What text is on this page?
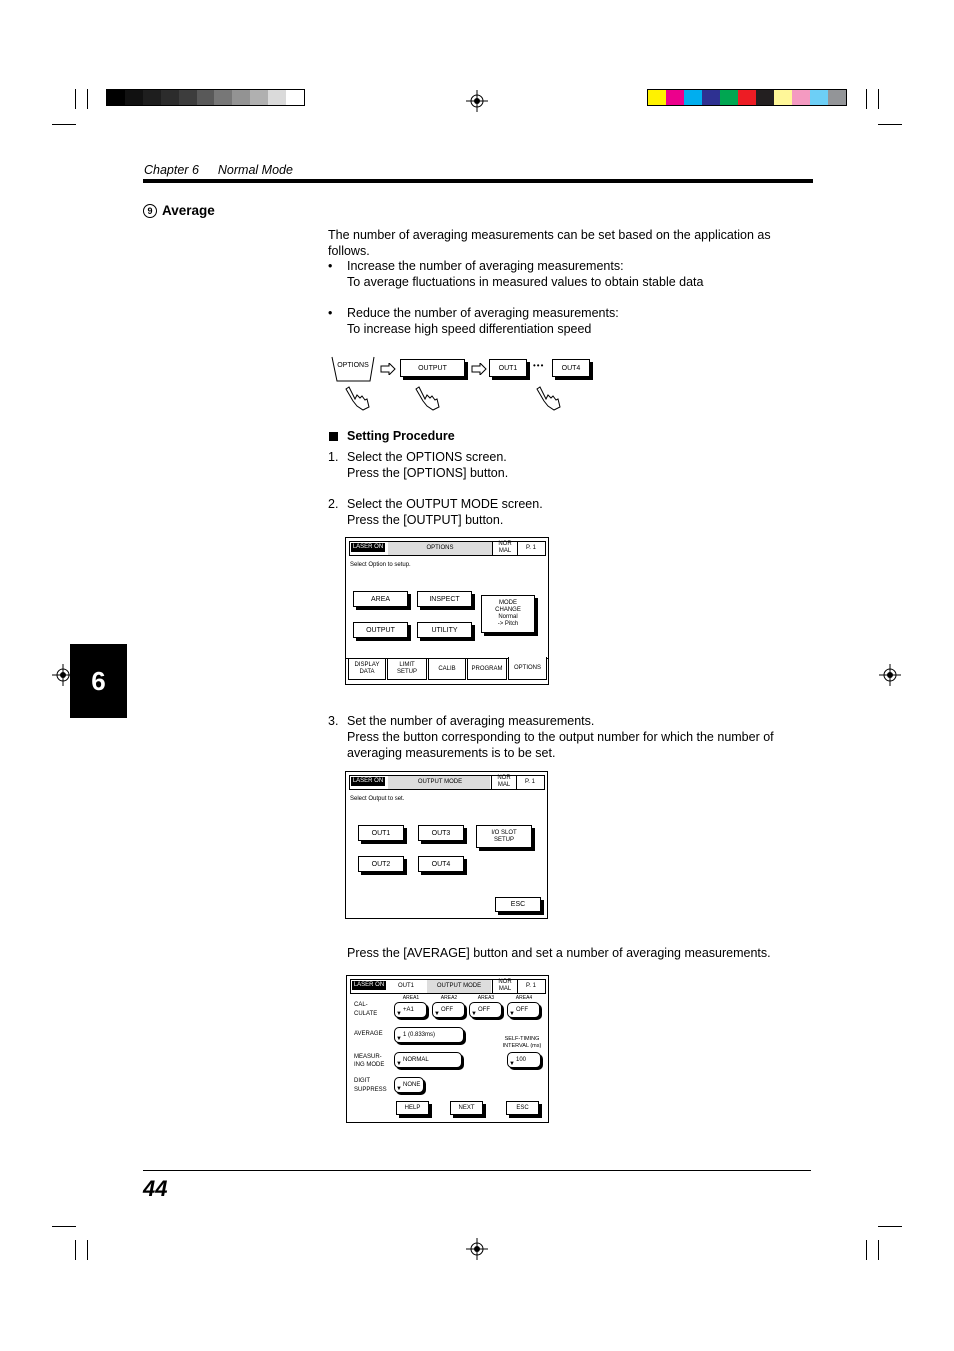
Chapter 6 Normal Mode
9 Average
The number of averaging measurements can be set based on the application as follows.
• Increase the number of averaging measurements:
To average fluctuations in measured values to obtain stable data
• Reduce the number of averaging measurements:
To increase high speed differentiation speed
OPTIONS	OUTPUT	OUT1	•••	OUT4
Setting Procedure
1. Select the OPTIONS screen.
Press the [OPTIONS] button.
2. Select the OUTPUT MODE screen.
Press the [OUTPUT] button.
LASER ON	OPTIONS
NOR
MAL	P. 1
Select Option to setup.
AREA	INSPECT
OUTPUT	UTILITY
MODE
CHANGE
Normal
-> Pitch
DISPLAY
DATA
LIMIT
SETUP
CALIB	PROGRAM OPTIONS
3. Set the number of averaging measurements.
Press the button corresponding to the output number for which the number of
averaging measurements is to be set.
LASER ON	OUTPUT MODE
NOR
MAL	P. 1
Select Output to set.
OUT1	OUT3	I/O SLOT
SETUP
OUT2	OUT4
ESC
Press the [AVERAGE] button and set a number of averaging measurements.
LASER ON	OUT1	OUTPUT MODE
NOR
MAL	P. 1
AREA1	AREA2	AREA3	AREA4
CAL-
CULATE	▼
+A1
▼
OFF
▼
OFF
▼
OFF
AVERAGE
▼
1 (0.833ms)
SELF-TIMING
INTERVAL (ms)
MEASUR-
ING MODE ▼
NORMAL
▼
100
DIGIT
SUPPRESS ▼
NONE
HELP	NEXT	ESC
6
44
